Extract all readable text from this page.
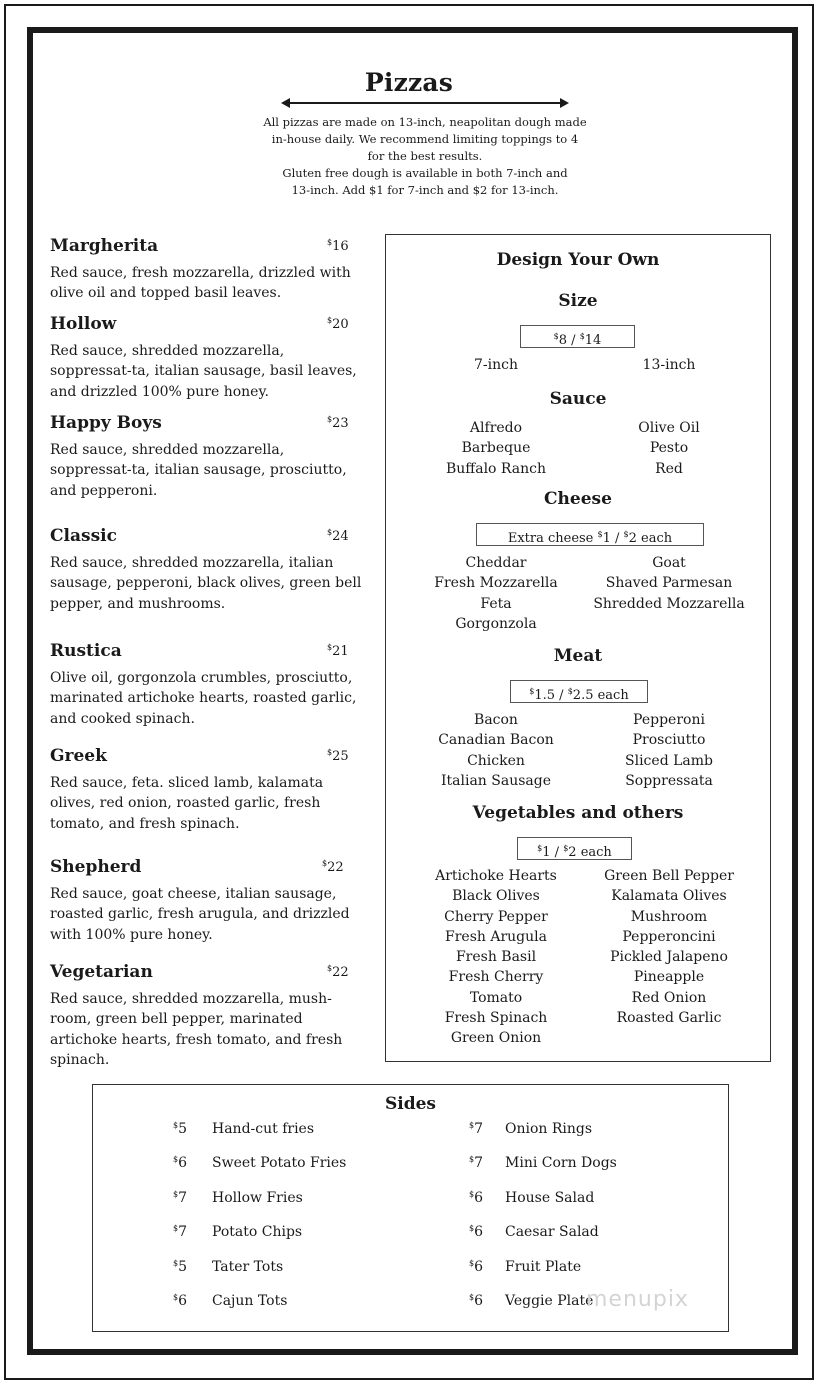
Pizzas
All pizzas are made on 13-inch, neapolitan dough made
in-house daily. We recommend limiting toppings to 4
for the best results.
Gluten free dough is available in both 7-inch and
13-inch. Add $1 for 7-inch and $2 for 13-inch.
Margherita	$16
Red sauce, fresh mozzarella, drizzled with olive oil and topped basil leaves.
Hollow	$20
Red sauce, shredded mozzarella, soppressat-ta, italian sausage, basil leaves, and drizzled 100% pure honey.
Happy Boys	$23
Red sauce, shredded mozzarella, soppressat-ta, italian sausage, prosciutto, and pepperoni.
Classic	$24
Red sauce, shredded mozzarella, italian sausage, pepperoni, black olives, green bell pepper, and mushrooms.
Rustica	$21
Olive oil, gorgonzola crumbles, prosciutto, marinated artichoke hearts, roasted garlic, and cooked spinach.
Greek	$25
Red sauce, feta. sliced lamb, kalamata olives, red onion, roasted garlic, fresh tomato, and fresh spinach.
Shepherd	$22
Red sauce, goat cheese, italian sausage, roasted garlic, fresh arugula, and drizzled with 100% pure honey.
Vegetarian	$22
Red sauce, shredded mozzarella, mush-room, green bell pepper, marinated artichoke hearts, fresh tomato, and fresh spinach.
Design Your Own
Size
$8 / $14
7-inch	13-inch
Sauce
Alfredo
Barbeque
Buffalo Ranch
Olive Oil
Pesto
Red
Cheese
Extra cheese $1 / $2 each
Cheddar
Fresh Mozzarella
Feta
Gorgonzola
Goat
Shaved Parmesan
Shredded Mozzarella
Meat
$1.5 / $2.5 each
Bacon
Canadian Bacon
Chicken
Italian Sausage
Pepperoni
Prosciutto
Sliced Lamb
Soppressata
Vegetables and others
$1 / $2 each
Artichoke Hearts
Black Olives
Cherry Pepper
Fresh Arugula
Fresh Basil
Fresh Cherry
Tomato
Fresh Spinach
Green Onion
Green Bell Pepper
Kalamata Olives
Mushroom
Pepperoncini
Pickled Jalapeno
Pineapple
Red Onion
Roasted Garlic
Sides
$5	Hand-cut fries
$6	Sweet Potato Fries
$7	Hollow Fries
$7	Potato Chips
$5	Tater Tots
$6	Cajun Tots
$7	Onion Rings
$7	Mini Corn Dogs
$6	House Salad
$6	Caesar Salad
$6	Fruit Plate
$6	Veggie Plate
menupix
